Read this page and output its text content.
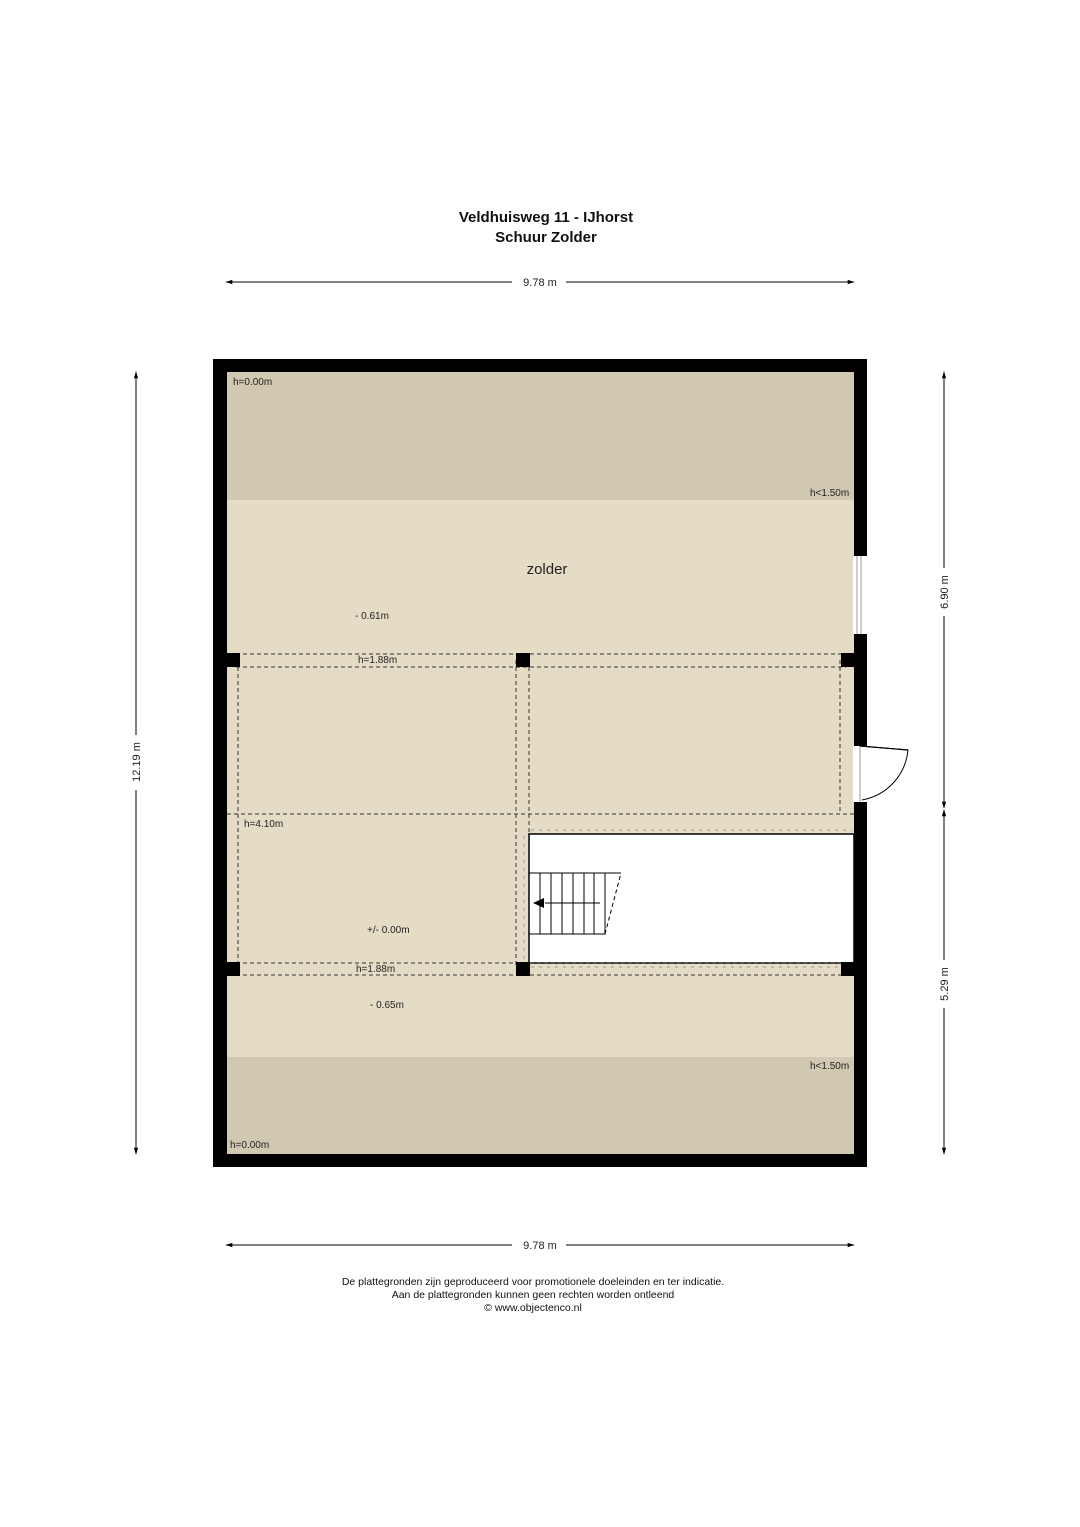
Veldhuisweg 11 - IJhorst
Schuur Zolder
9.78 m
9.78 m
12.19 m
6.90 m
5.29 m
zolder
h=0.00m
h<1.50m
- 0.61m
h=1.88m
h=4.10m
+/- 0.00m
h=1.88m
- 0.65m
h<1.50m
h=0.00m
De plattegronden zijn geproduceerd voor promotionele doeleinden en ter indicatie.
Aan de plattegronden kunnen geen rechten worden ontleend
© www.objectenco.nl
